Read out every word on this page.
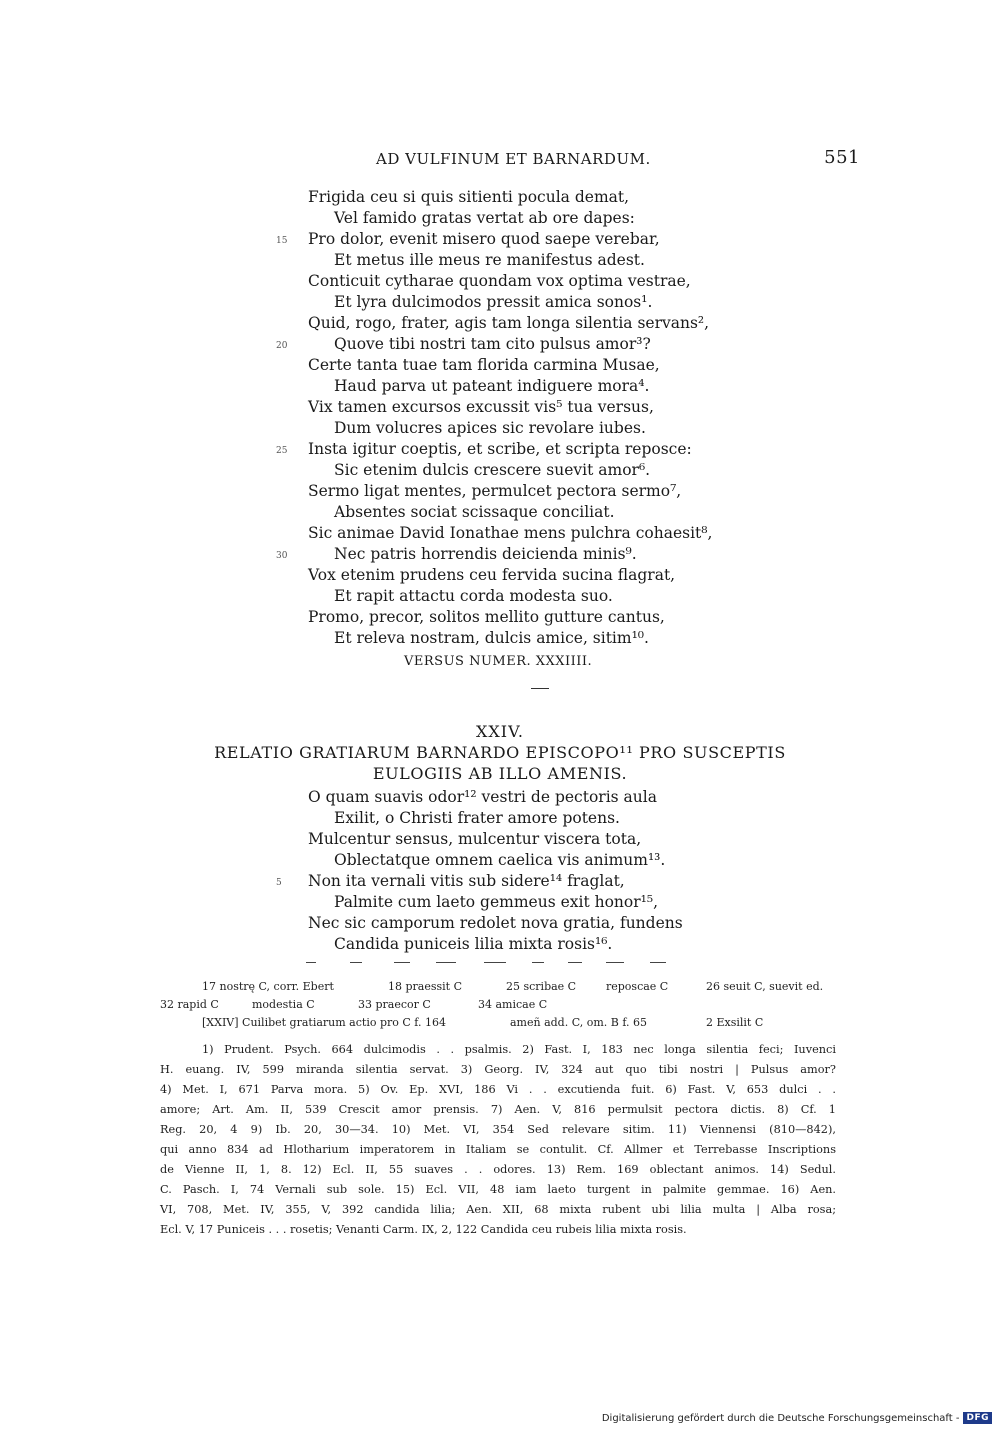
AD VULFINUM ET BARNARDUM.	551
Frigida ceu si quis sitienti pocula demat,
Vel famido gratas vertat ab ore dapes:
15 Pro dolor, evenit misero quod saepe verebar,
Et metus ille meus re manifestus adest.
Conticuit cytharae quondam vox optima vestrae,
Et lyra dulcimodos pressit amica sonos¹.
Quid, rogo, frater, agis tam longa silentia servans²,
20	Quove tibi nostri tam cito pulsus amor³?
Certe tanta tuae tam florida carmina Musae,
Haud parva ut pateant indiguere mora⁴.
Vix tamen excursos excussit vis⁵ tua versus,
Dum volucres apices sic revolare iubes.
25 Insta igitur coeptis, et scribe, et scripta reposce:
Sic etenim dulcis crescere suevit amor⁶.
Sermo ligat mentes, permulcet pectora sermo⁷,
Absentes sociat scissaque conciliat.
Sic animae David Ionathae mens pulchra cohaesit⁸,
30	Nec patris horrendis deicienda minis⁹.
Vox etenim prudens ceu fervida sucina flagrat,
Et rapit attactu corda modesta suo.
Promo, precor, solitos mellito gutture cantus,
Et releva nostram, dulcis amice, sitim¹⁰.
VERSUS NUMER. XXXIIII.
XXIV.
RELATIO GRATIARUM BARNARDO EPISCOPO¹¹ PRO SUSCEPTIS
EULOGIIS AB ILLO AMENIS.
O quam suavis odor¹² vestri de pectoris aula
Exilit, o Christi frater amore potens.
Mulcentur sensus, mulcentur viscera tota,
Oblectatque omnem caelica vis animum¹³.
5 Non ita vernali vitis sub sidere¹⁴ fraglat,
Palmite cum laeto gemmeus exit honor¹⁵,
Nec sic camporum redolet nova gratia, fundens
Candida puniceis lilia mixta rosis¹⁶.
17 nostrę C, corr. Ebert	18 praessit C	25 scribae C	reposcae C	26 seuit C, suevit ed.
32 rapid C	modestia C	33 praecor C	34 amicae C
[XXIV] Cuilibet gratiarum actio pro C f. 164	ameñ add. C, om. B f. 65	2 Exsilit C
1) Prudent. Psych. 664 dulcimodis . . psalmis. 2) Fast. I, 183 nec longa silentia feci; Iuvenci
H. euang. IV, 599 miranda silentia servat. 3) Georg. IV, 324 aut quo tibi nostri | Pulsus amor?
4) Met. I, 671 Parva mora. 5) Ov. Ep. XVI, 186 Vi . . excutienda fuit. 6) Fast. V, 653 dulci . .
amore; Art. Am. II, 539 Crescit amor prensis. 7) Aen. V, 816 permulsit pectora dictis. 8) Cf. 1
Reg. 20, 4 9) Ib. 20, 30—34. 10) Met. VI, 354 Sed relevare sitim. 11) Viennensi (810—842),
qui anno 834 ad Hlotharium imperatorem in Italiam se contulit. Cf. Allmer et Terrebasse Inscriptions
de Vienne II, 1, 8. 12) Ecl. II, 55 suaves . . odores. 13) Rem. 169 oblectant animos. 14) Sedul.
C. Pasch. I, 74 Vernali sub sole. 15) Ecl. VII, 48 iam laeto turgent in palmite gemmae. 16) Aen.
VI, 708, Met. IV, 355, V, 392 candida lilia; Aen. XII, 68 mixta rubent ubi lilia multa | Alba rosa;
Ecl. V, 17 Puniceis . . . rosetis; Venanti Carm. IX, 2, 122 Candida ceu rubeis lilia mixta rosis.
Digitalisierung gefördert durch die Deutsche Forschungsgemeinschaft - DFG
